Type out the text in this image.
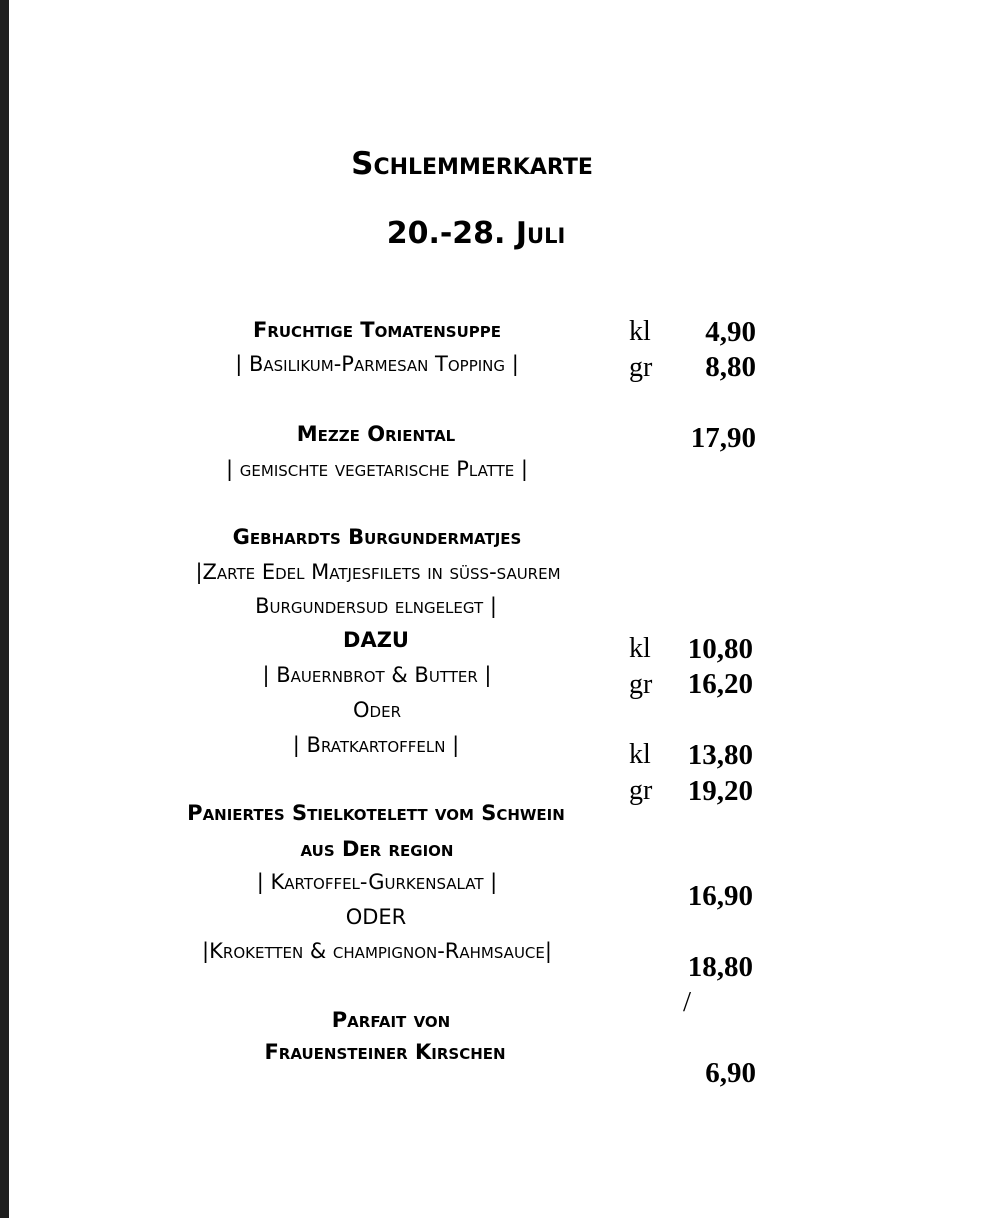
Schlemmerkarte
20.-28. Juli
Fruchtige Tomatensuppe
| Basilikum-Parmesan Topping |
kl 4,90
gr 8,80
Mezze Oriental
| gemischte vegetarische Platte |
17,90
Gebhardts Burgundermatjes
|Zarte Edel Matjesfilets in süß-saurem
Burgundersud elngelegt |
DAZU
| Bauernbrot & Butter |
Oder
| Bratkartoffeln |
kl 10,80
gr 16,20
kl 13,80
gr 19,20
Paniertes Stielkotelett vom Schwein
aus Der region
| Kartoffel-Gurkensalat |
ODER
|Kroketten & champignon-Rahmsauce|
16,90
18,80
/
Parfait von
Frauensteiner Kirschen
6,90
